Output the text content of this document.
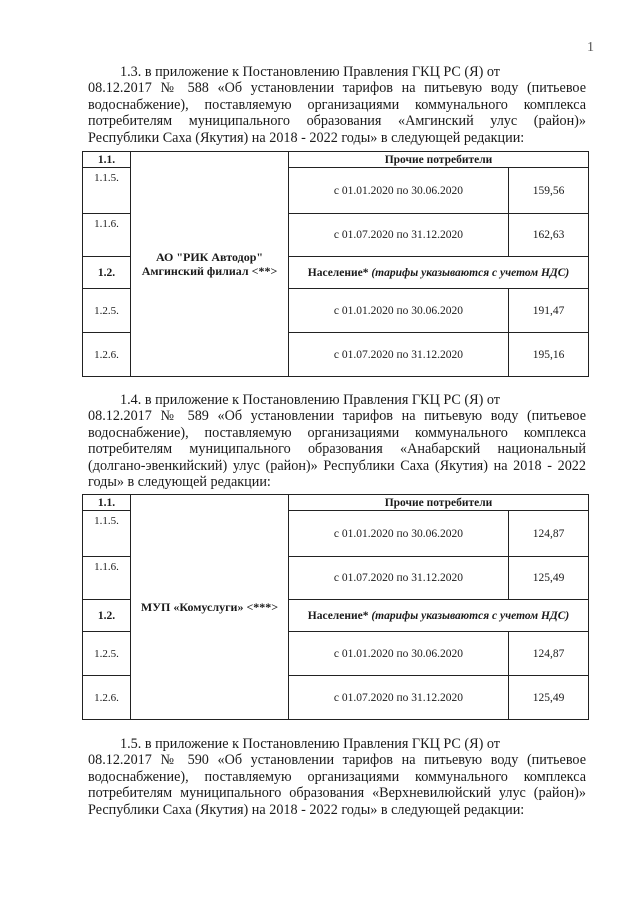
1

1.3. в приложение к Постановлению Правления ГКЦ РС (Я) от

08.12.2017 № 588 «Об установлении тарифов на питьевую воду (питьевое водоснабжение), поставляемую организациями коммунального комплекса потребителям муниципального образования «Амгинский улус (район)» Республики Саха (Якутия) на 2018 - 2022 годы» в следующей редакции:

1.1.	АО "РИК Автодор" Амгинский филиал <**>	Прочие потребители	
1.1.5.		с 01.01.2020 по 30.06.2020	159,56
1.1.6.		с 01.07.2020 по 31.12.2020	162,63
1.2.		Население* (тарифы указываются с учетом НДС)	
1.2.5.		с 01.01.2020 по 30.06.2020	191,47
1.2.6.		с 01.07.2020 по 31.12.2020	195,16

1.4. в приложение к Постановлению Правления ГКЦ РС (Я) от

08.12.2017 № 589 «Об установлении тарифов на питьевую воду (питьевое водоснабжение), поставляемую организациями коммунального комплекса потребителям муниципального образования «Анабарский национальный (долгано-эвенкийский) улус (район)» Республики Саха (Якутия) на 2018 - 2022 годы» в следующей редакции:

1.1.	МУП «Комуслуги» <***>	Прочие потребители	
1.1.5.		с 01.01.2020 по 30.06.2020	124,87
1.1.6.		с 01.07.2020 по 31.12.2020	125,49
1.2.		Население* (тарифы указываются с учетом НДС)	
1.2.5.		с 01.01.2020 по 30.06.2020	124,87
1.2.6.		с 01.07.2020 по 31.12.2020	125,49

1.5. в приложение к Постановлению Правления ГКЦ РС (Я) от

08.12.2017 № 590 «Об установлении тарифов на питьевую воду (питьевое водоснабжение), поставляемую организациями коммунального комплекса потребителям муниципального образования «Верхневилюйский улус (район)» Республики Саха (Якутия) на 2018 - 2022 годы» в следующей редакции:
